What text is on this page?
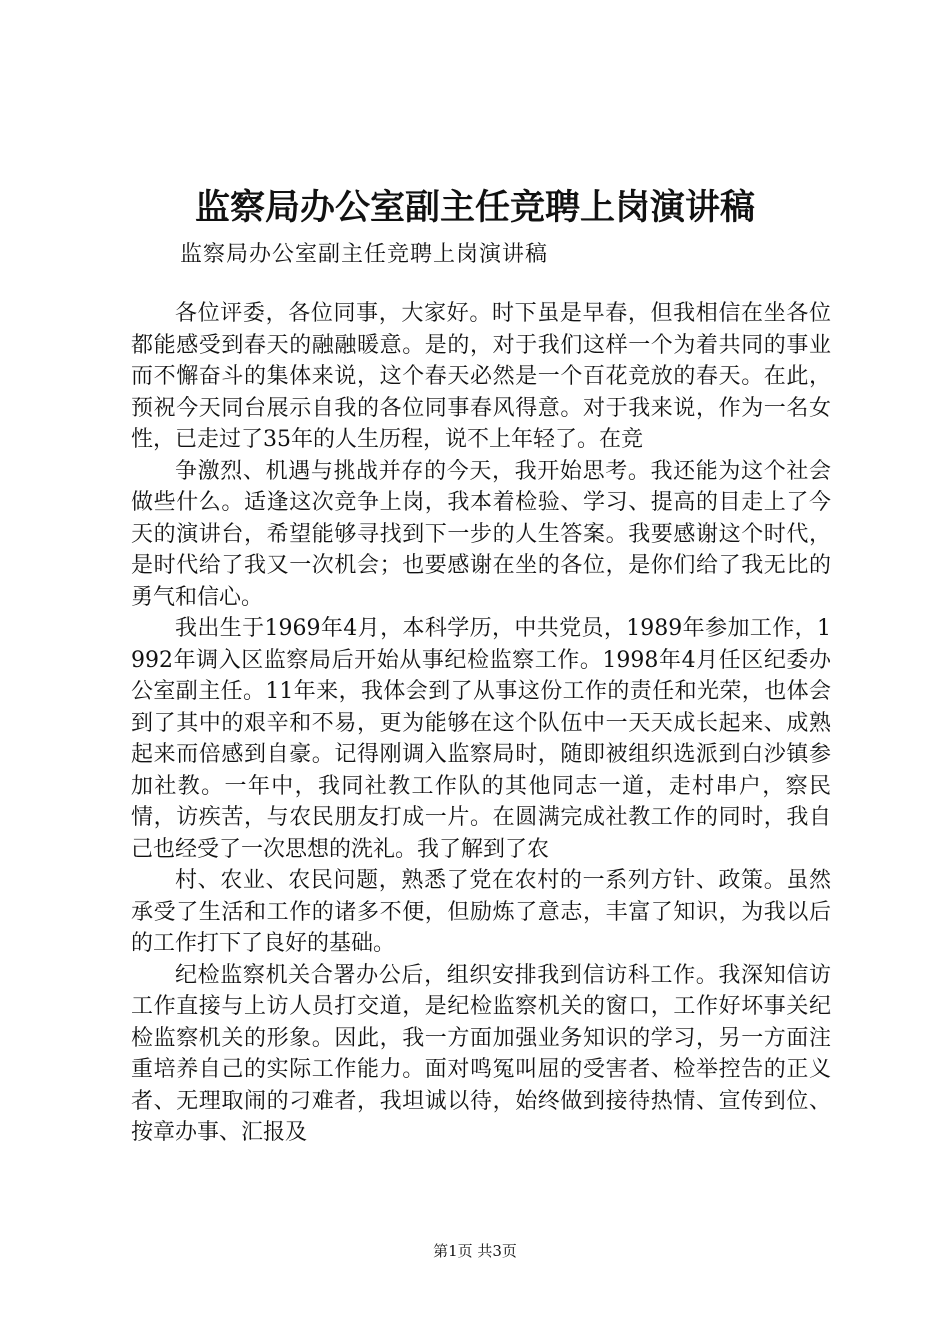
监察局办公室副主任竞聘上岗演讲稿
监察局办公室副主任竞聘上岗演讲稿

各位评委，各位同事，大家好。时下虽是早春，但我相信在坐各位都能感受到春天的融融暖意。是的，对于我们这样一个为着共同的事业而不懈奋斗的集体来说，这个春天必然是一个百花竞放的春天。在此，预祝今天同台展示自我的各位同事春风得意。对于我来说，作为一名女性，已走过了35年的人生历程，说不上年轻了。在竞

争激烈、机遇与挑战并存的今天，我开始思考。我还能为这个社会做些什么。适逢这次竞争上岗，我本着检验、学习、提高的目走上了今天的演讲台，希望能够寻找到下一步的人生答案。我要感谢这个时代，是时代给了我又一次机会；也要感谢在坐的各位，是你们给了我无比的勇气和信心。

我出生于1969年4月，本科学历，中共党员，1989年参加工作，1992年调入区监察局后开始从事纪检监察工作。1998年4月任区纪委办公室副主任。11年来，我体会到了从事这份工作的责任和光荣，也体会到了其中的艰辛和不易，更为能够在这个队伍中一天天成长起来、成熟起来而倍感到自豪。记得刚调入监察局时，随即被组织选派到白沙镇参加社教。一年中，我同社教工作队的其他同志一道，走村串户，察民情，访疾苦，与农民朋友打成一片。在圆满完成社教工作的同时，我自己也经受了一次思想的洗礼。我了解到了农

村、农业、农民问题，熟悉了党在农村的一系列方针、政策。虽然承受了生活和工作的诸多不便，但励炼了意志，丰富了知识，为我以后的工作打下了良好的基础。

纪检监察机关合署办公后，组织安排我到信访科工作。我深知信访工作直接与上访人员打交道，是纪检监察机关的窗口，工作好坏事关纪检监察机关的形象。因此，我一方面加强业务知识的学习，另一方面注重培养自己的实际工作能力。面对鸣冤叫屈的受害者、检举控告的正义者、无理取闹的刁难者，我坦诚以待，始终做到接待热情、宣传到位、按章办事、汇报及

第1页 共3页
